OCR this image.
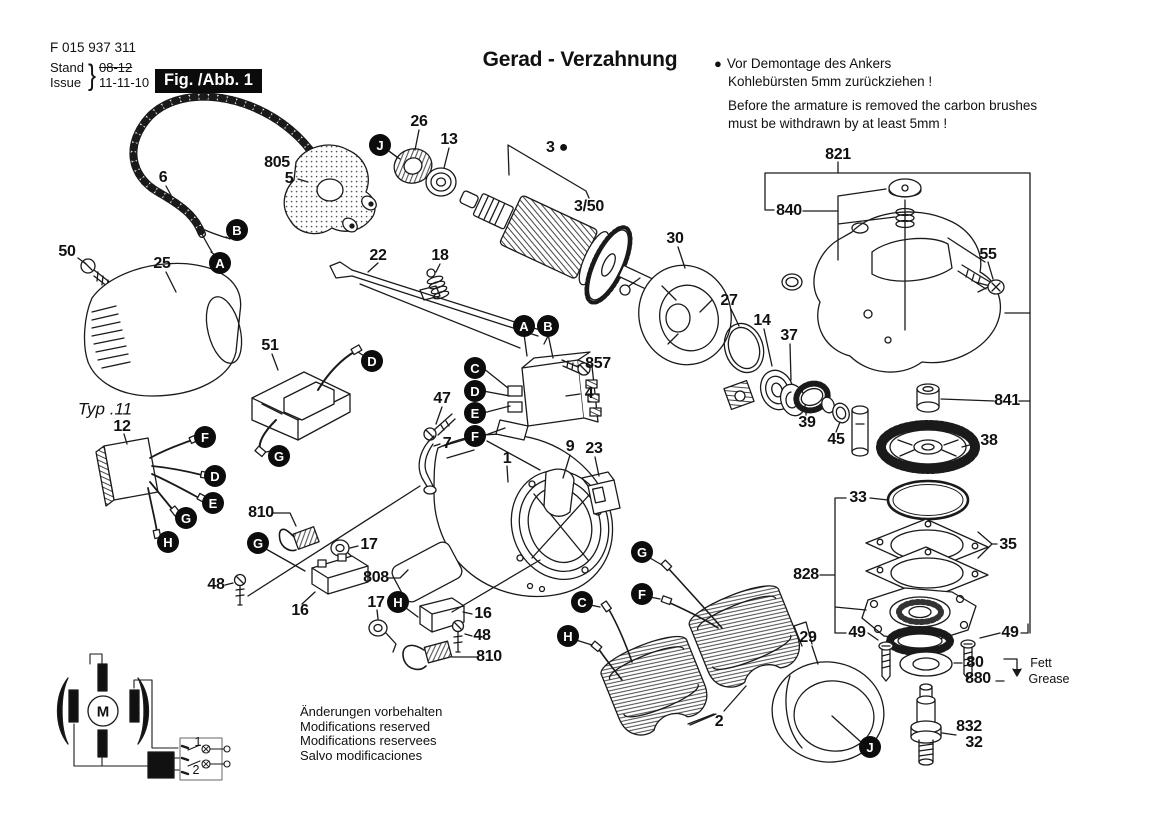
F 015 937 311
Stand
Issue } 08-12
11-11-10 Fig. /Abb. 1
Gerad - Verzahnung	● Vor Demontage des Ankers
Kohlebürsten 5mm zurückziehen !
Before the armature is removed the carbon brushes
must be withdrawn by at least 5mm !
Änderungen vorbehalten
Modifications reserved
Modifications reservees
Salvo modificaciones
50
25
6
805
5
26
13	3 ●
3/50
22	18
30
27
14
37
39
45
821
840
55
841
38
33
35
828
49	49
29
80
880
832
32
857
4
47
7
51
12
810
17
48
16
808
17
16
48
810
1
9 23
2
J
B
A
A	B
C
D
E
F
D
G
F
D
E
G
H	G
H
G
F
C
H
J
Typ .11
Fett
Grease
1
2
M
